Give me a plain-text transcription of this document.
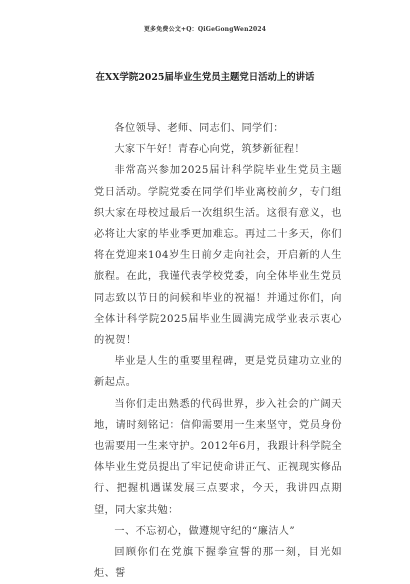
更多免费公文+Q：QiGeGongWen2024
在XX学院2025届毕业生党员主题党日活动上的讲话

各位领导、老师、同志们、同学们：

大家下午好！青春心向党，筑梦新征程！

非常高兴参加2025届计科学院毕业生党员主题党日活动。学院党委在同学们毕业离校前夕，专门组织大家在母校过最后一次组织生活。这很有意义，也必将让大家的毕业季更加难忘。再过二十多天，你们将在党迎来104岁生日前夕走向社会，开启新的人生旅程。在此，我谨代表学校党委，向全体毕业生党员同志致以节日的问候和毕业的祝福！并通过你们，向全体计科学院2025届毕业生圆满完成学业表示衷心的祝贺！

毕业是人生的重要里程碑，更是党员建功立业的新起点。

当你们走出熟悉的代码世界，步入社会的广阔天地，请时刻铭记：信仰需要用一生来坚守，党员身份也需要用一生来守护。2012年6月，我跟计科学院全体毕业生党员提出了牢记使命讲正气、正视现实修品行、把握机遇谋发展三点要求，今天，我讲四点期望，同大家共勉：

一、不忘初心，做遵规守纪的“廉洁人”

回顾你们在党旗下握拳宣誓的那一刻，目光如炬、誓
